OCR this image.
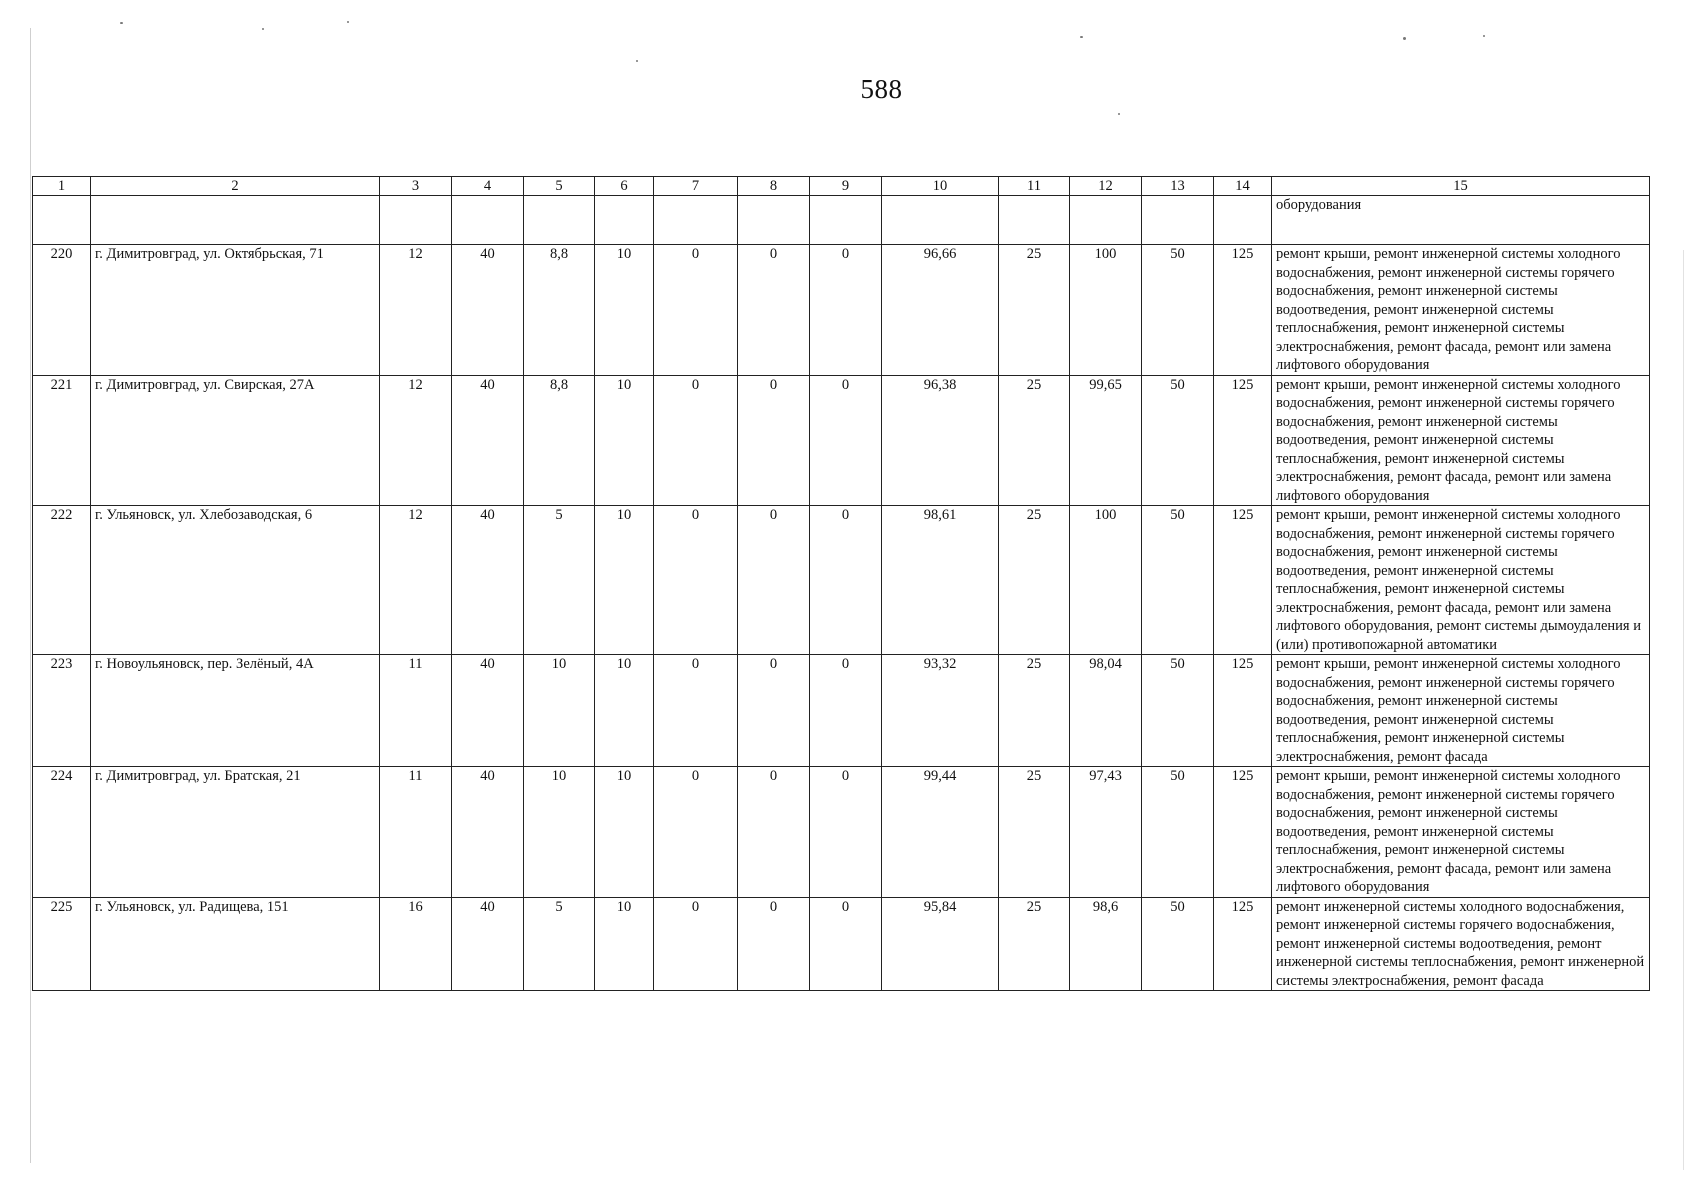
588
1	2	3	4	5	6	7	8	9	10	11	12	13	14	15
														оборудования
220	г. Димитровград, ул. Октябрьская, 71	12	40	8,8	10	0	0	0	96,66	25	100	50	125	ремонт крыши, ремонт инженерной системы холодного водоснабжения, ремонт инженерной системы горячего водоснабжения, ремонт инженерной системы водоотведения, ремонт инженерной системы теплоснабжения, ремонт инженерной системы электроснабжения, ремонт фасада, ремонт или замена лифтового оборудования
221	г. Димитровград, ул. Свирская, 27А	12	40	8,8	10	0	0	0	96,38	25	99,65	50	125	ремонт крыши, ремонт инженерной системы холодного водоснабжения, ремонт инженерной системы горячего водоснабжения, ремонт инженерной системы водоотведения, ремонт инженерной системы теплоснабжения, ремонт инженерной системы электроснабжения, ремонт фасада, ремонт или замена лифтового оборудования
222	г. Ульяновск, ул. Хлебозаводская, 6	12	40	5	10	0	0	0	98,61	25	100	50	125	ремонт крыши, ремонт инженерной системы холодного водоснабжения, ремонт инженерной системы горячего водоснабжения, ремонт инженерной системы водоотведения, ремонт инженерной системы теплоснабжения, ремонт инженерной системы электроснабжения, ремонт фасада, ремонт или замена лифтового оборудования, ремонт системы дымоудаления и (или) противопожарной автоматики
223	г. Новоульяновск, пер. Зелёный, 4А	11	40	10	10	0	0	0	93,32	25	98,04	50	125	ремонт крыши, ремонт инженерной системы холодного водоснабжения, ремонт инженерной системы горячего водоснабжения, ремонт инженерной системы водоотведения, ремонт инженерной системы теплоснабжения, ремонт инженерной системы электроснабжения, ремонт фасада
224	г. Димитровград, ул. Братская, 21	11	40	10	10	0	0	0	99,44	25	97,43	50	125	ремонт крыши, ремонт инженерной системы холодного водоснабжения, ремонт инженерной системы горячего водоснабжения, ремонт инженерной системы водоотведения, ремонт инженерной системы теплоснабжения, ремонт инженерной системы электроснабжения, ремонт фасада, ремонт или замена лифтового оборудования
225	г. Ульяновск, ул. Радищева, 151	16	40	5	10	0	0	0	95,84	25	98,6	50	125	ремонт инженерной системы холодного водоснабжения, ремонт инженерной системы горячего водоснабжения, ремонт инженерной системы водоотведения, ремонт инженерной системы теплоснабжения, ремонт инженерной системы электроснабжения, ремонт фасада
